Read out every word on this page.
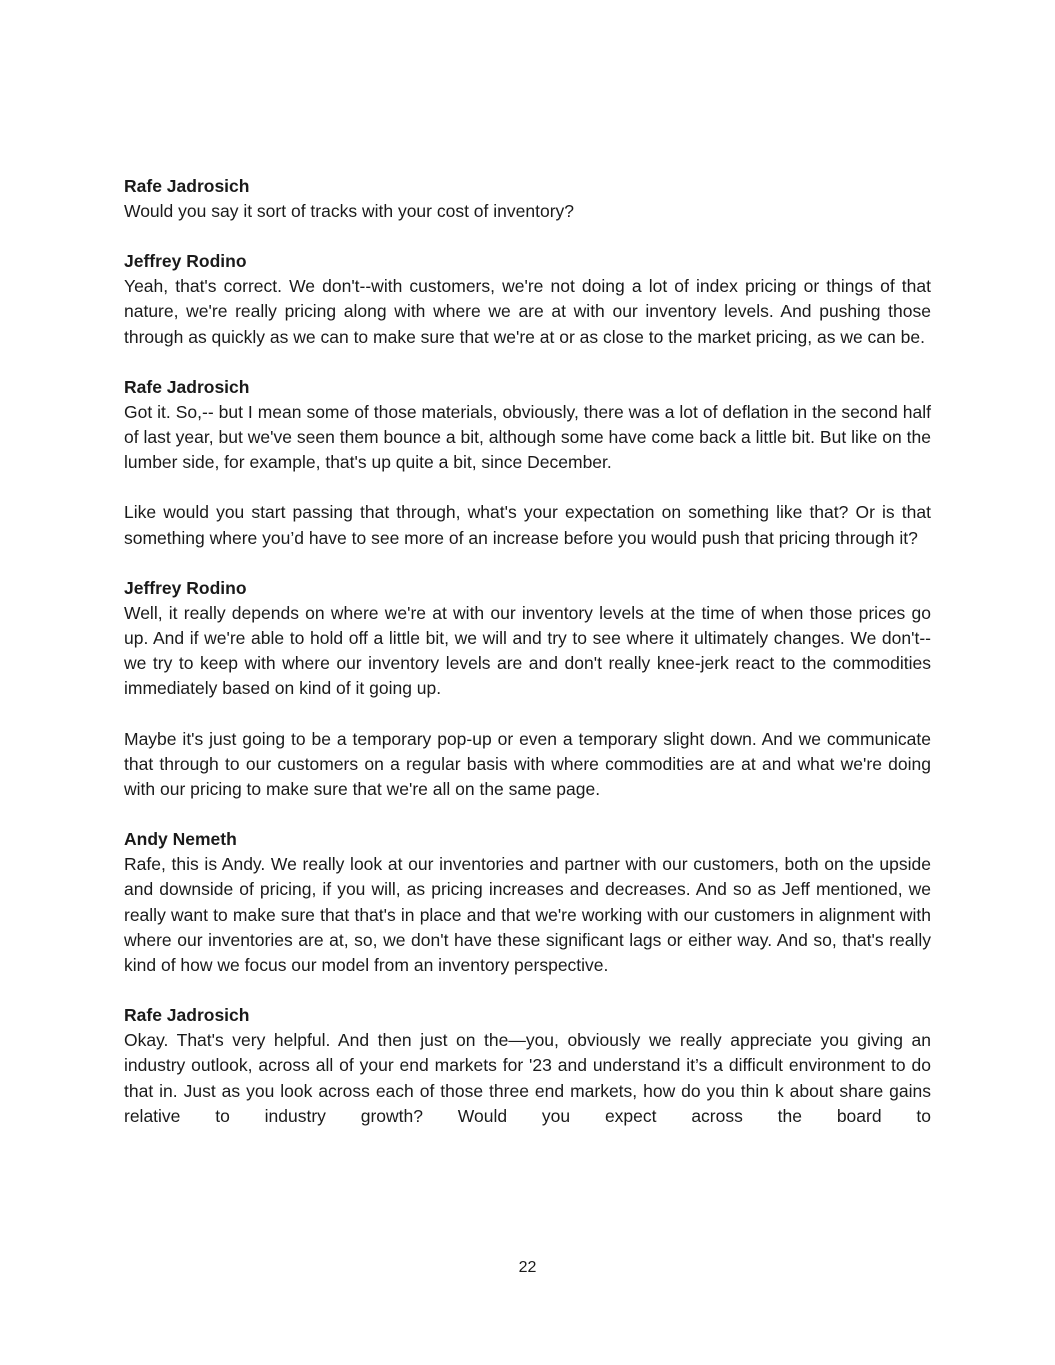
Rafe Jadrosich

Would you say it sort of tracks with your cost of inventory?

Jeffrey Rodino

Yeah, that's correct. We don't--with customers, we're not doing a lot of index pricing or things of that nature, we're really pricing along with where we are at with our inventory levels. And pushing those through as quickly as we can to make sure that we're at or as close to the market pricing, as we can be.

Rafe Jadrosich

Got it. So,-- but I mean some of those materials, obviously, there was a lot of deflation in the second half of last year, but we've seen them bounce a bit, although some have come back a little bit. But like on the lumber side, for example, that's up quite a bit, since December.

Like would you start passing that through, what's your expectation on something like that? Or is that something where you’d have to see more of an increase before you would push that pricing through it?

Jeffrey Rodino

Well, it really depends on where we're at with our inventory levels at the time of when those prices go up. And if we're able to hold off a little bit, we will and try to see where it ultimately changes. We don't--we try to keep with where our inventory levels are and don't really knee-jerk react to the commodities immediately based on kind of it going up.

Maybe it's just going to be a temporary pop-up or even a temporary slight down. And we communicate that through to our customers on a regular basis with where commodities are at and what we're doing with our pricing to make sure that we're all on the same page.

Andy Nemeth

Rafe, this is Andy. We really look at our inventories and partner with our customers, both on the upside and downside of pricing, if you will, as pricing increases and decreases. And so as Jeff mentioned, we really want to make sure that that's in place and that we're working with our customers in alignment with where our inventories are at, so, we don't have these significant lags or either way. And so, that's really kind of how we focus our model from an inventory perspective.

Rafe Jadrosich

Okay. That's very helpful. And then just on the—you, obviously we really appreciate you giving an industry outlook, across all of your end markets for '23 and understand it’s a difficult environment to do that in. Just as you look across each of those three end markets, how do you thin k about share gains relative to industry growth? Would you expect across the board to

22
